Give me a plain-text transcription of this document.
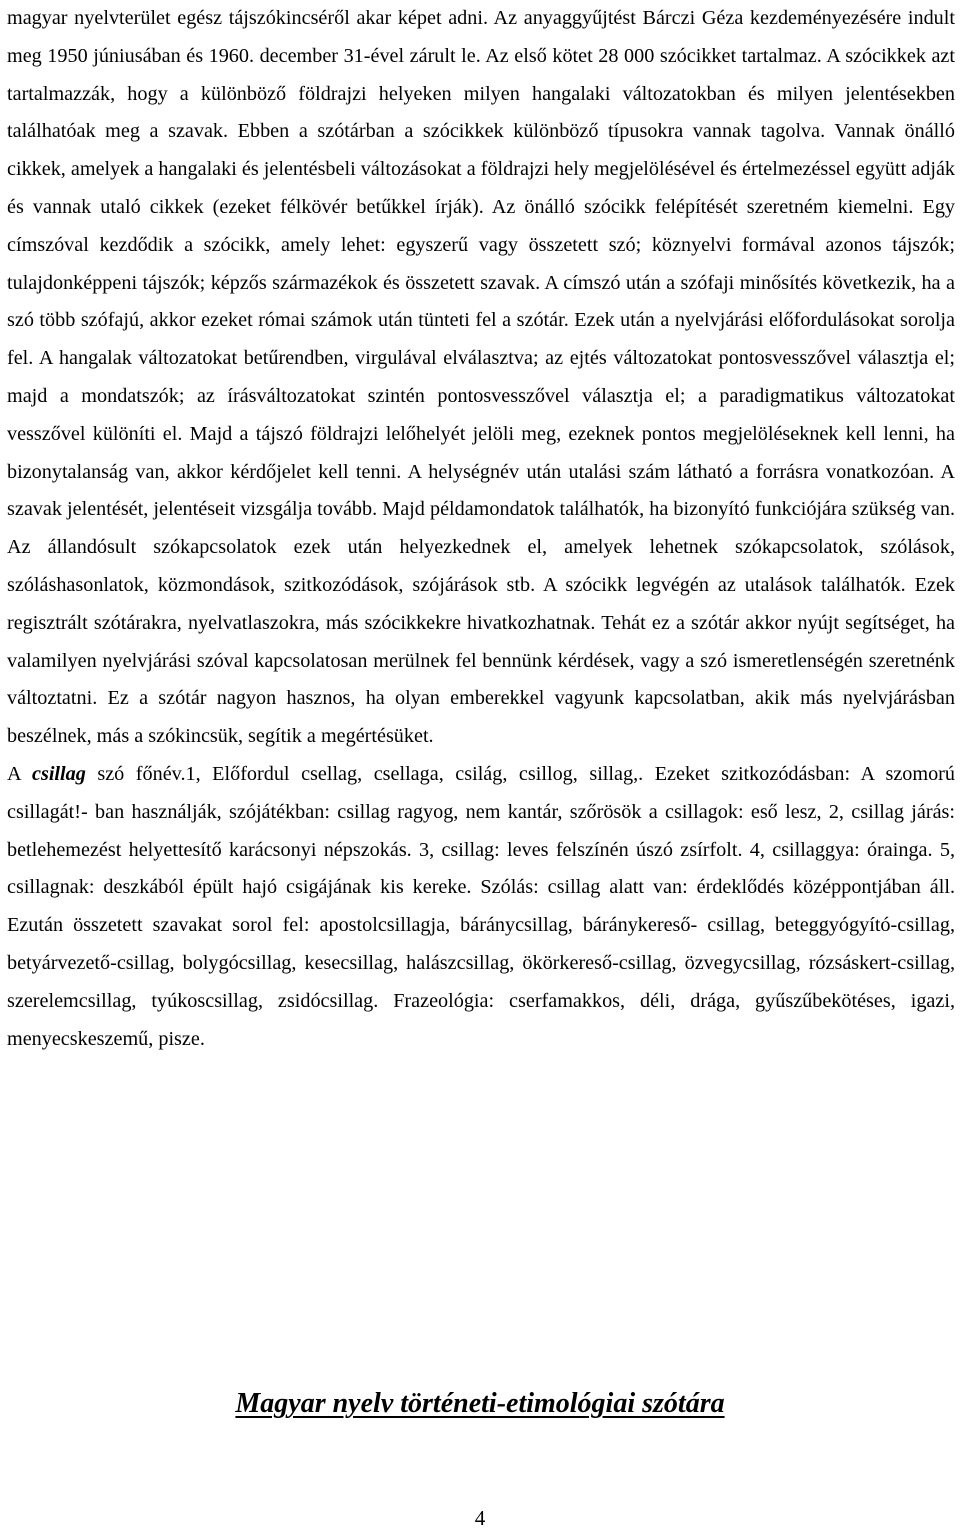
magyar nyelvterület egész tájszókincséről akar képet adni. Az anyaggyűjtést Bárczi Géza kezdeményezésére indult meg 1950 júniusában és 1960. december 31-ével zárult le. Az első kötet 28 000 szócikket tartalmaz. A szócikkek azt tartalmazzák, hogy a különböző földrajzi helyeken milyen hangalaki változatokban és milyen jelentésekben találhatóak meg a szavak. Ebben a szótárban a szócikkek különböző típusokra vannak tagolva. Vannak önálló cikkek, amelyek a hangalaki és jelentésbeli változásokat a földrajzi hely megjelölésével és értelmezéssel együtt adják és vannak utaló cikkek (ezeket félkövér betűkkel írják). Az önálló szócikk felépítését szeretném kiemelni. Egy címszóval kezdődik a szócikk, amely lehet: egyszerű vagy összetett szó; köznyelvi formával azonos tájszók; tulajdonképpeni tájszók; képzős származékok és összetett szavak. A címszó után a szófaji minősítés következik, ha a szó több szófajú, akkor ezeket római számok után tünteti fel a szótár. Ezek után a nyelvjárási előfordulásokat sorolja fel. A hangalak változatokat betűrendben, virgulával elválasztva; az ejtés változatokat pontosvesszővel választja el; majd a mondatszók; az írásváltozatokat szintén pontosvesszővel választja el; a paradigmatikus változatokat vesszővel különíti el. Majd a tájszó földrajzi lelőhelyét jelöli meg, ezeknek pontos megjelöléseknek kell lenni, ha bizonytalanság van, akkor kérdőjelet kell tenni. A helységnév után utalási szám látható a forrásra vonatkozóan. A szavak jelentését, jelentéseit vizsgálja tovább. Majd példamondatok találhatók, ha bizonyító funkciójára szükség van. Az állandósult szókapcsolatok ezek után helyezkednek el, amelyek lehetnek szókapcsolatok, szólások, szóláshasonlatok, közmondások, szitkozódások, szójárások stb. A szócikk legvégén az utalások találhatók. Ezek regisztrált szótárakra, nyelvatlaszokra, más szócikkekre hivatkozhatnak. Tehát ez a szótár akkor nyújt segítséget, ha valamilyen nyelvjárási szóval kapcsolatosan merülnek fel bennünk kérdések, vagy a szó ismeretlenségén szeretnénk változtatni. Ez a szótár nagyon hasznos, ha olyan emberekkel vagyunk kapcsolatban, akik más nyelvjárásban beszélnek, más a szókincsük, segítik a megértésüket.

A csillag szó főnév.1, Előfordul csellag, csellaga, csilág, csillog, sillag,. Ezeket szitkozódásban: A szomorú csillagát!- ban használják, szójátékban: csillag ragyog, nem kantár, szőrösök a csillagok: eső lesz, 2, csillag járás: betlehemezést helyettesítő karácsonyi népszokás. 3, csillag: leves felszínén úszó zsírfolt. 4, csillaggya: óraingа. 5, csillagnak: deszkából épült hajó csigájának kis kereke. Szólás: csillag alatt van: érdeklődés középpontjában áll. Ezután összetett szavakat sorol fel: apostolcsillagja, báránycsillag, báránykereső- csillag, beteggyógyító-csillag, betyárvezető-csillag, bolygócsillag, kesecsillag, halászcsillag, ökörkereső-csillag, özvegycsillag, rózsáskert-csillag, szerelemcsillag, tyúkoscsillag, zsidócsillag. Frazeológia: cserfamakkos, déli, drága, gyűszűbekötéses, igazi, menyecskeszemű, pisze.

Magyar nyelv történeti-etimológiai szótára
4
